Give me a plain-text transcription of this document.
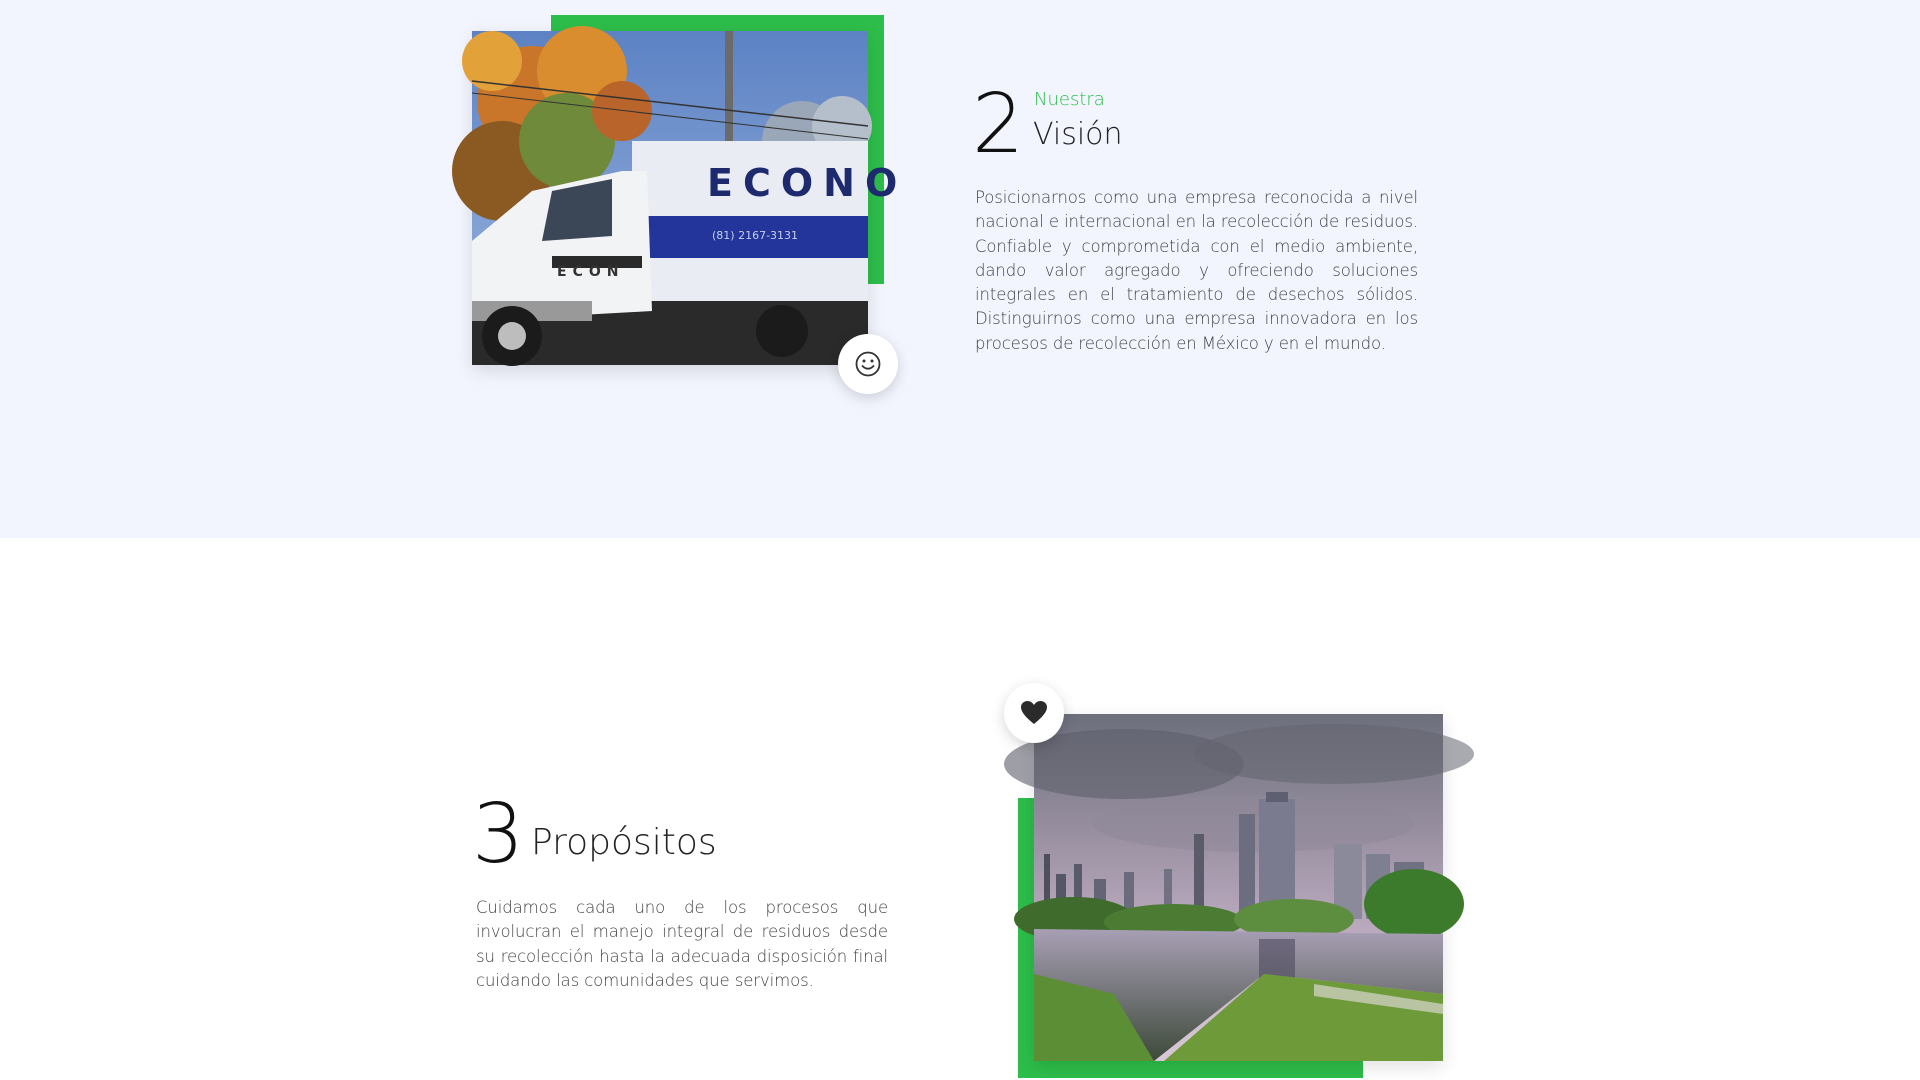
ECONO
(81) 2167-3131
ECON
2 Nuestra
Visión
Posicionarnos como una empresa reconocida a nivel nacional e internacional en la recolección de residuos. Confiable y comprometida con el medio ambiente, dando valor agregado y ofreciendo soluciones integrales en el tratamiento de desechos sólidos. Distinguirnos como una empresa innovadora en los procesos de recolección en México y en el mundo.
3 Propósitos
Cuidamos cada uno de los procesos que involucran el manejo integral de residuos desde su recolección hasta la adecuada disposición final cuidando las comunidades que servimos.
